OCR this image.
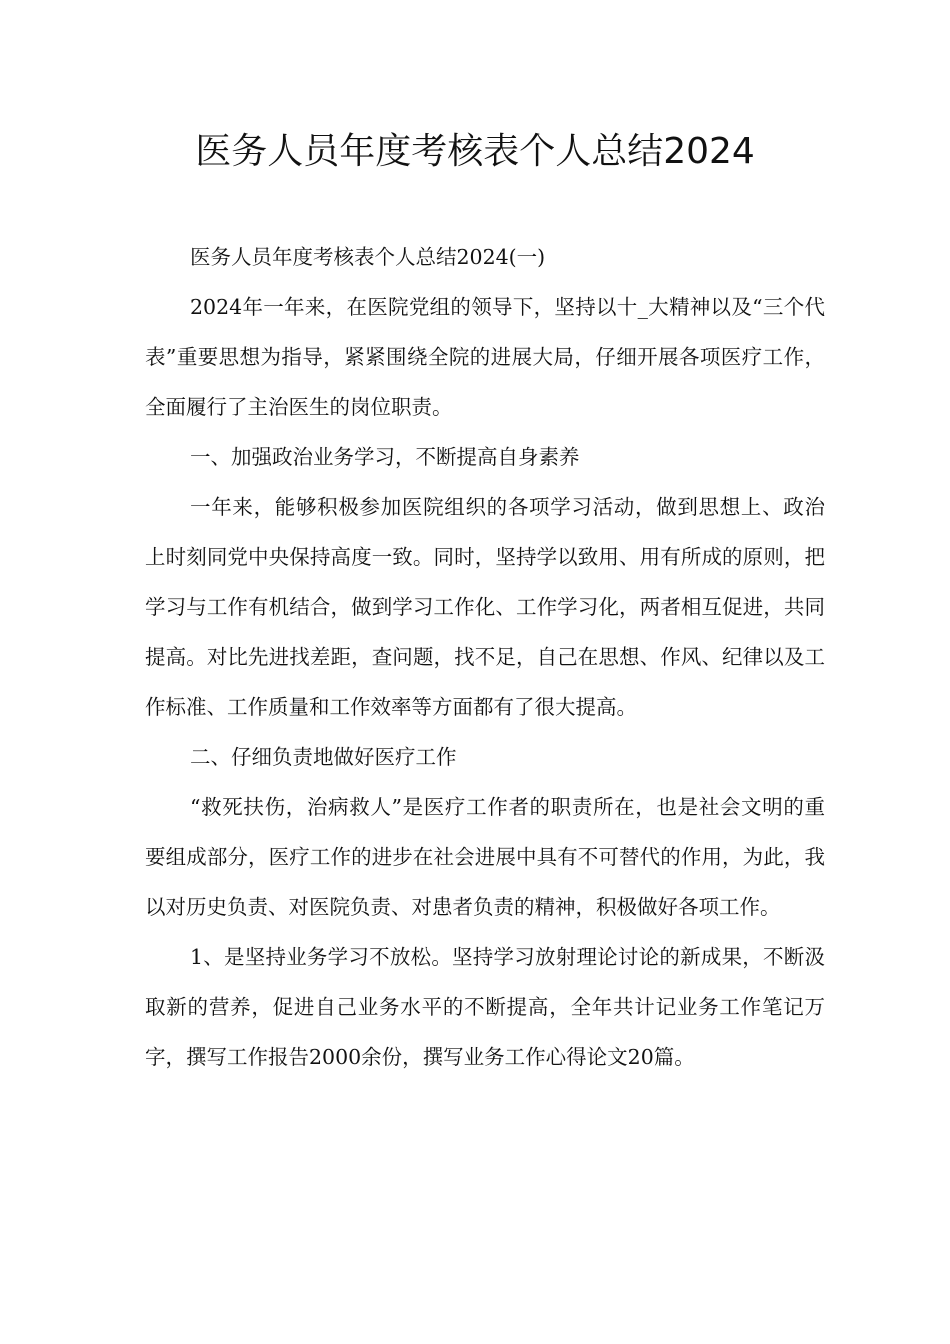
医务人员年度考核表个人总结2024

医务人员年度考核表个人总结2024(一)

2024年一年来，在医院党组的领导下，坚持以十_大精神以及“三个代表”重要思想为指导，紧紧围绕全院的进展大局，仔细开展各项医疗工作，全面履行了主治医生的岗位职责。

一、加强政治业务学习，不断提高自身素养

一年来，能够积极参加医院组织的各项学习活动，做到思想上、政治上时刻同党中央保持高度一致。同时，坚持学以致用、用有所成的原则，把学习与工作有机结合，做到学习工作化、工作学习化，两者相互促进，共同提高。对比先进找差距，查问题，找不足，自己在思想、作风、纪律以及工作标准、工作质量和工作效率等方面都有了很大提高。

二、仔细负责地做好医疗工作

“救死扶伤，治病救人”是医疗工作者的职责所在，也是社会文明的重要组成部分，医疗工作的进步在社会进展中具有不可替代的作用，为此，我以对历史负责、对医院负责、对患者负责的精神，积极做好各项工作。

1、是坚持业务学习不放松。坚持学习放射理论讨论的新成果，不断汲取新的营养，促进自己业务水平的不断提高，全年共计记业务工作笔记万字，撰写工作报告2000余份，撰写业务工作心得论文20篇。
